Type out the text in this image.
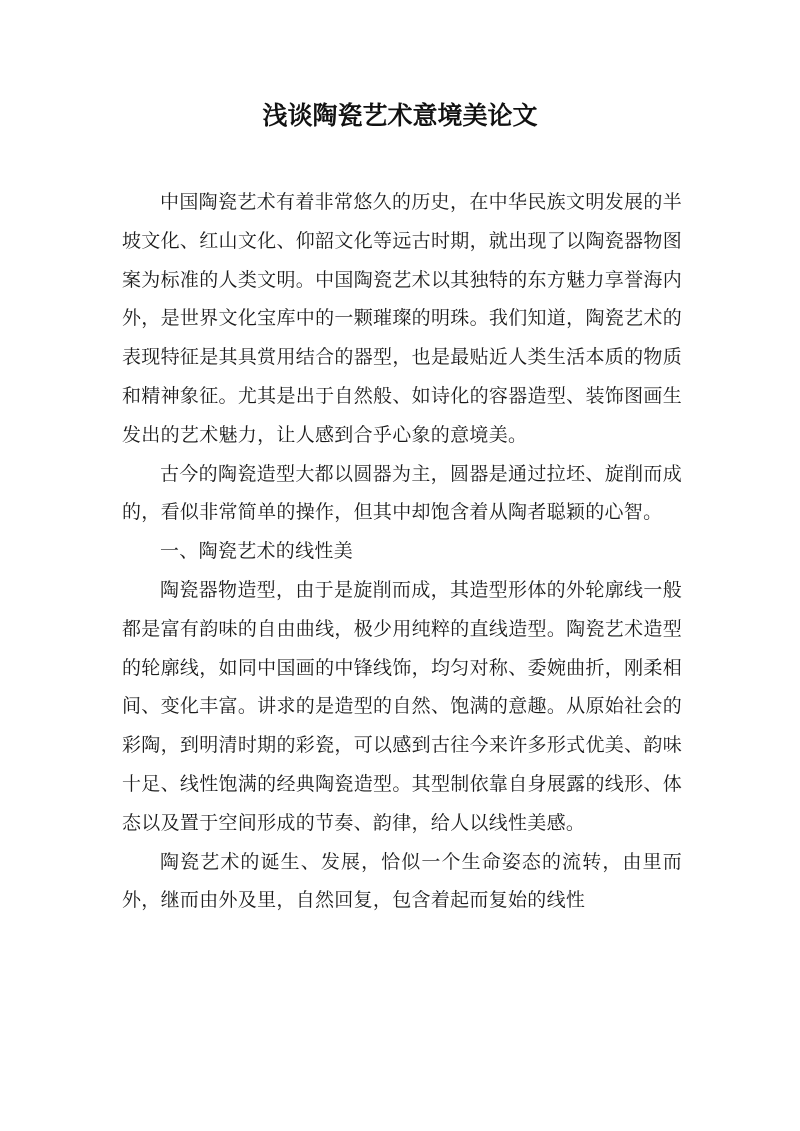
浅谈陶瓷艺术意境美论文

中国陶瓷艺术有着非常悠久的历史，在中华民族文明发展的半坡文化、红山文化、仰韶文化等远古时期，就出现了以陶瓷器物图案为标准的人类文明。中国陶瓷艺术以其独特的东方魅力享誉海内外，是世界文化宝库中的一颗璀璨的明珠。我们知道，陶瓷艺术的表现特征是其具赏用结合的器型，也是最贴近人类生活本质的物质和精神象征。尤其是出于自然般、如诗化的容器造型、装饰图画生发出的艺术魅力，让人感到合乎心象的意境美。

古今的陶瓷造型大都以圆器为主，圆器是通过拉坯、旋削而成的，看似非常简单的操作，但其中却饱含着从陶者聪颖的心智。

一、陶瓷艺术的线性美

陶瓷器物造型，由于是旋削而成，其造型形体的外轮廓线一般都是富有韵味的自由曲线，极少用纯粹的直线造型。陶瓷艺术造型的轮廓线，如同中国画的中锋线饰，均匀对称、委婉曲折，刚柔相间、变化丰富。讲求的是造型的自然、饱满的意趣。从原始社会的彩陶，到明清时期的彩瓷，可以感到古往今来许多形式优美、韵味十足、线性饱满的经典陶瓷造型。其型制依靠自身展露的线形、体态以及置于空间形成的节奏、韵律，给人以线性美感。

陶瓷艺术的诞生、发展，恰似一个生命姿态的流转，由里而外，继而由外及里，自然回复，包含着起而复始的线性
